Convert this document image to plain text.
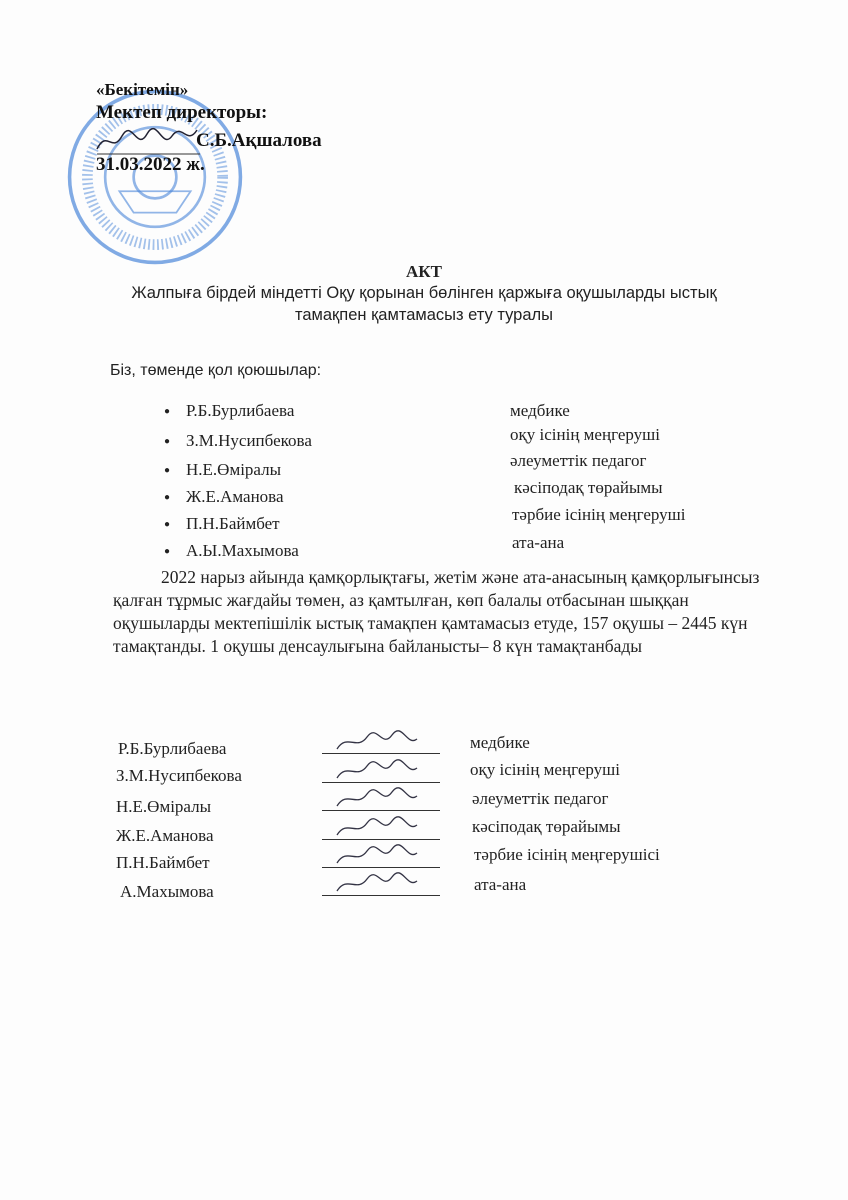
«Бекітемін»
Мектеп директоры:
С.Б.Ақшалова
31.03.2022 ж.
АКТ
Жалпыға бірдей міндетті Оқу қорынан бөлінген қаржыға оқушыларды ыстық
тамақпен қамтамасыз ету туралы
Біз, төменде қол қоюшылар:
● Р.Б.Бурлибаева	медбике
● З.М.Нусипбекова	оқу ісінің меңгеруші
● Н.Е.Өміралы	әлеуметтік педагог
● Ж.Е.Аманова	кәсіподақ төрайымы
● П.Н.Баймбет	тәрбие ісінің меңгеруші
● А.Ы.Махымова	ата-ана
2022 нарыз айында қамқорлықтағы, жетім және ата-анасының қамқорлығынсыз қалған тұрмыс жағдайы төмен, аз қамтылған, көп балалы отбасынан шыққан оқушыларды мектепішілік ыстық тамақпен қамтамасыз етуде, 157 оқушы – 2445 күн тамақтанды. 1 оқушы денсаулығына байланысты– 8 күн тамақтанбады
Р.Б.Бурлибаева	медбике
З.М.Нусипбекова	оқу ісінің меңгеруші
Н.Е.Өміралы	әлеуметтік педагог
Ж.Е.Аманова	кәсіподақ төрайымы
П.Н.Баймбет	тәрбие ісінің меңгерушісі
А.Махымова	ата-ана
